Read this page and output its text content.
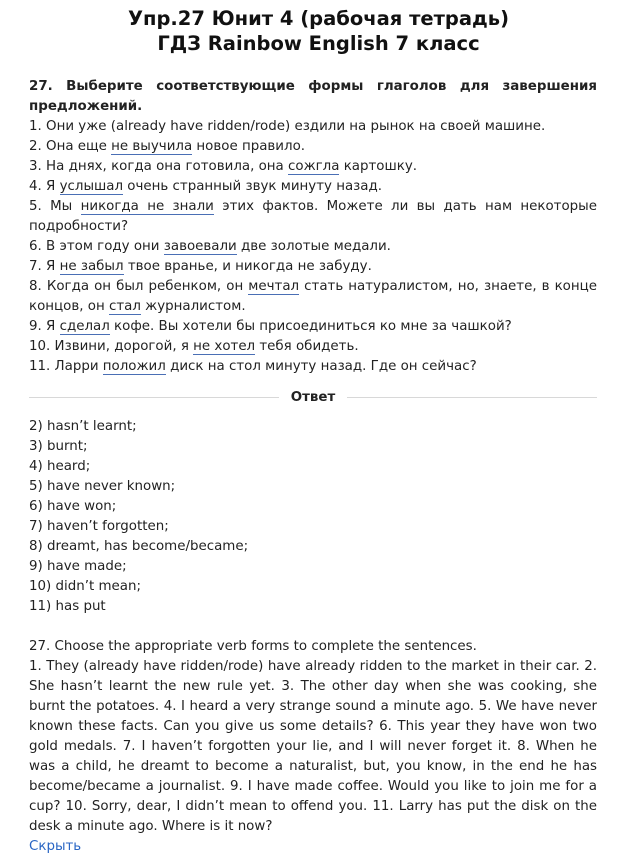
Упр.27 Юнит 4 (рабочая тетрадь)
ГДЗ Rainbow English 7 класс

27. Выберите соответствующие формы глаголов для завершения предложений.

1. Они уже (already have ridden/rode) ездили на рынок на своей машине.

2. Она еще не выучила новое правило.

3. На днях, когда она готовила, она сожгла картошку.

4. Я услышал очень странный звук минуту назад.

5. Мы никогда не знали этих фактов. Можете ли вы дать нам некоторые подробности?

6. В этом году они завоевали две золотые медали.

7. Я не забыл твое вранье, и никогда не забуду.

8. Когда он был ребенком, он мечтал стать натуралистом, но, знаете, в конце концов, он стал журналистом.

9. Я сделал кофе. Вы хотели бы присоединиться ко мне за чашкой?

10. Извини, дорогой, я не хотел тебя обидеть.

11. Ларри положил диск на стол минуту назад. Где он сейчас?

Ответ
2) hasn’t learnt;
3) burnt;
4) heard;
5) have never known;
6) have won;
7) haven’t forgotten;
8) dreamt, has become/became;
9) have made;
10) didn’t mean;
11) has put

27. Choose the appropriate verb forms to complete the sentences.

1. They (already have ridden/rode) have already ridden to the market in their car. 2. She hasn’t learnt the new rule yet. 3. The other day when she was cooking, she burnt the potatoes. 4. I heard a very strange sound a minute ago. 5. We have never known these facts. Can you give us some details? 6. This year they have won two gold medals. 7. I haven’t forgotten your lie, and I will never forget it. 8. When he was a child, he dreamt to become a naturalist, but, you know, in the end he has become/became a journalist. 9. I have made coffee. Would you like to join me for a cup? 10. Sorry, dear, I didn’t mean to offend you. 11. Larry has put the disk on the desk a minute ago. Where is it now?

Скрыть
